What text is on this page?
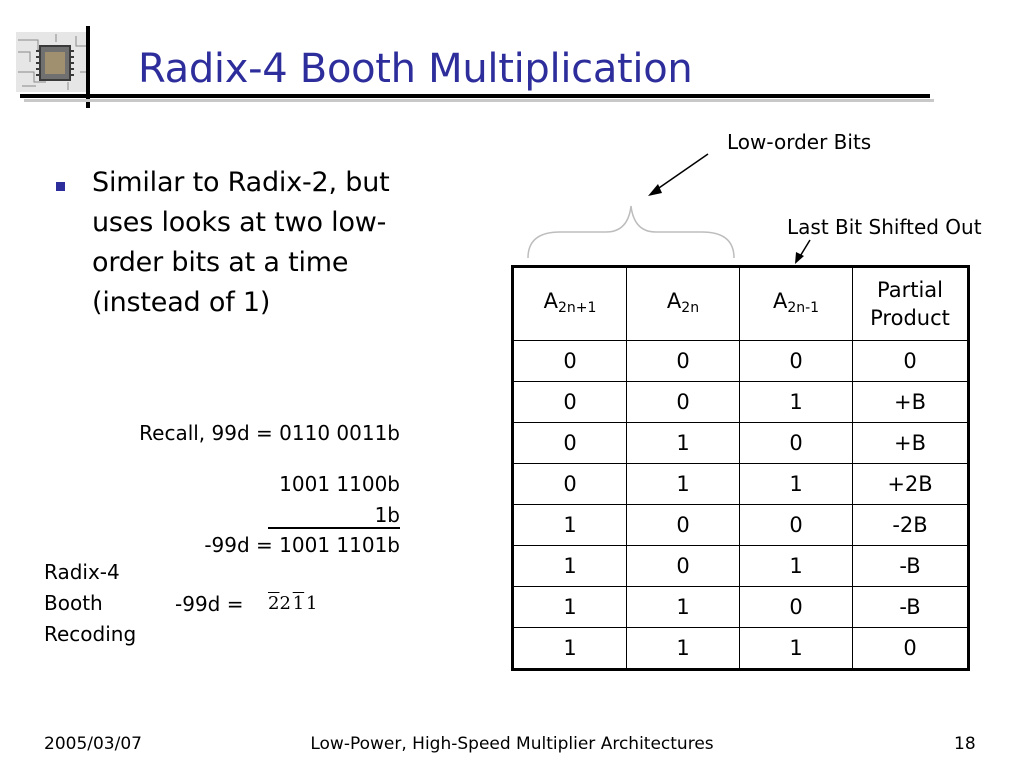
Radix-4 Booth Multiplication

Similar to Radix-2, but uses looks at two low-order bits at a time (instead of 1)

Low-order Bits
Last Bit Shifted Out
Recall, 99d = 0110 0011b
1001 1100b
1b
-99d = 1001 1101b
-99d = 22 1 1
Radix-4 Booth Recoding
$A_{2n+1}$	$A_{2n}$	$A_{2n-1}$	Partial Product

0	0	0	0
0	0	1	+B
0	1	0	+B
0	1	1	+2B
1	0	0	-2B
1	0	1	-B
1	1	0	-B
1	1	1	0
2005/03/07	Low-Power, High-Speed Multiplier Architectures	18
